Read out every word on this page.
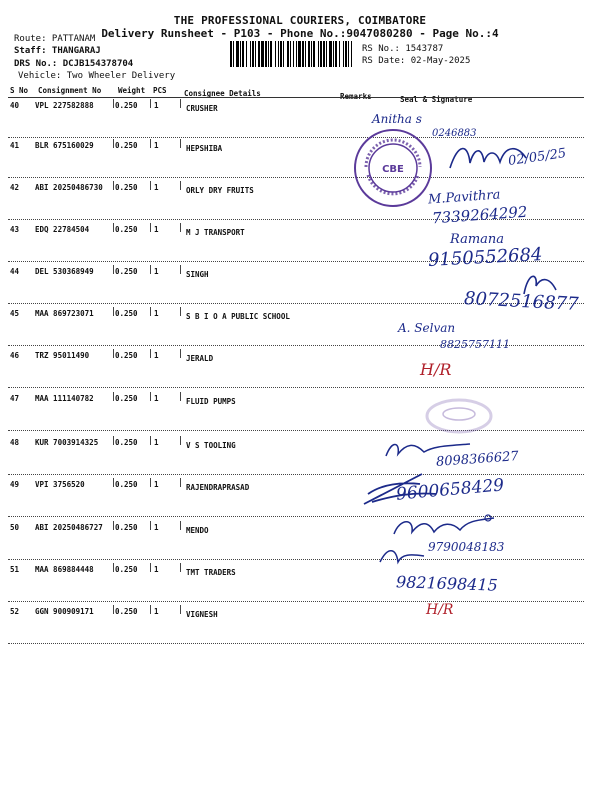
THE PROFESSIONAL COURIERS, COIMBATORE
Delivery Runsheet - P103 - Phone No.:9047080280 - Page No.:4
Route: PATTANAM
Staff: THANGARAJ
DRS No.: DCJB154378704
Vehicle: Two Wheeler Delivery
RS No.: 1543787
RS Date: 02-May-2025
S No Consignment No Weight PCS Consignee Details	Remarks	Seal & Signature
40 VPL 227582888	0.250 1	CRUSHER
41 BLR 675160029	0.250 1	HEPSHIBA
42 ABI 20250486730 0.250 1	ORLY DRY FRUITS
43 EDQ 22784504	0.250 1	M J TRANSPORT
44 DEL 530368949	0.250 1	SINGH
45 MAA 869723071	0.250 1	S B I O A PUBLIC SCHOOL
46 TRZ 95011490	0.250 1	JERALD
47 MAA 111140782	0.250 1	FLUID PUMPS
48 KUR 7003914325 0.250 1	V S TOOLING
49 VPI 3756520	0.250 1	RAJENDRAPRASAD
50 ABI 20250486727 0.250 1	MENDO
51 MAA 869884448	0.250 1	TMT TRADERS
52 GGN 900909171	0.250 1	VIGNESH
CBE
Anitha s
0246883
02/05/25
M.Pavithra
7339264292
Ramana
9150552684
8072516877
A. Selvan
8825757111
H/R
8098366627
9600658429
9790048183
9821698415
H/R
